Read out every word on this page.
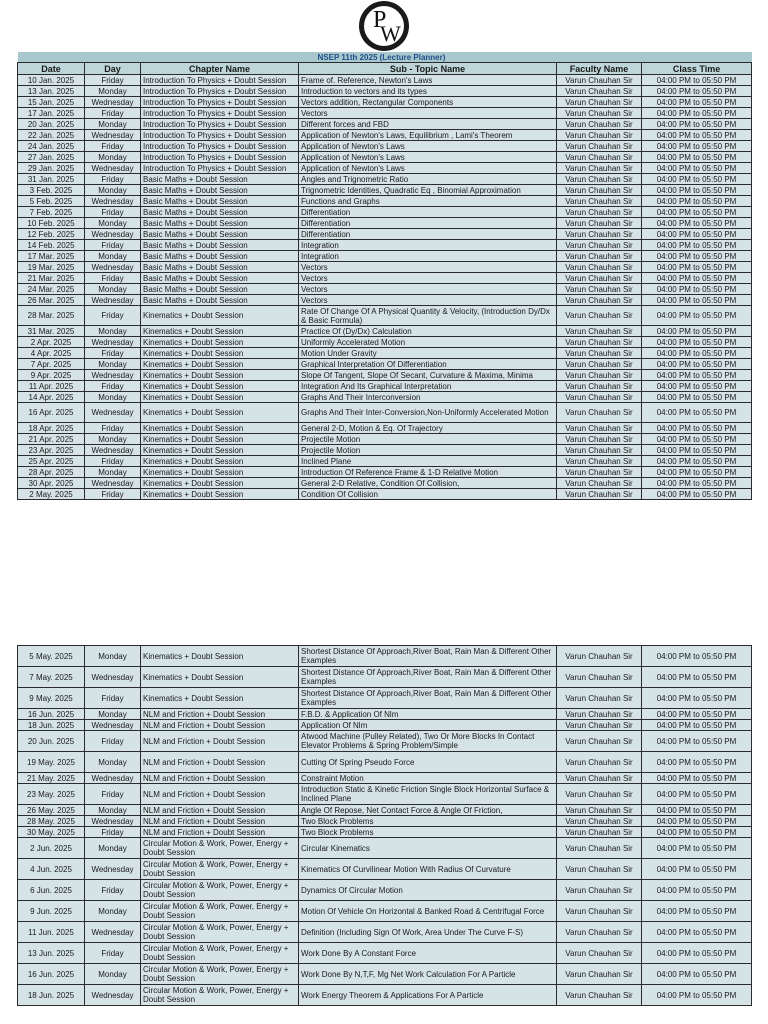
P
W
NSEP 11th 2025 (Lecture Planner)					
Date	Day	Chapter Name	Sub - Topic Name	Faculty Name	Class Time
10 Jan. 2025	Friday	Introduction To Physics + Doubt Session	Frame of. Reference, Newton's Laws	Varun Chauhan Sir	04:00 PM to 05:50 PM
13 Jan. 2025	Monday	Introduction To Physics + Doubt Session	Introduction to vectors and its types	Varun Chauhan Sir	04:00 PM to 05:50 PM
15 Jan. 2025	Wednesday	Introduction To Physics + Doubt Session	Vectors addition, Rectangular Components	Varun Chauhan Sir	04:00 PM to 05:50 PM
17 Jan. 2025	Friday	Introduction To Physics + Doubt Session	Vectors	Varun Chauhan Sir	04:00 PM to 05:50 PM
20 Jan. 2025	Monday	Introduction To Physics + Doubt Session	Different forces and FBD	Varun Chauhan Sir	04:00 PM to 05:50 PM
22 Jan. 2025	Wednesday	Introduction To Physics + Doubt Session	Application of Newton's Laws, Equilibrium , Lami's Theorem	Varun Chauhan Sir	04:00 PM to 05:50 PM
24 Jan. 2025	Friday	Introduction To Physics + Doubt Session	Application of Newton's Laws	Varun Chauhan Sir	04:00 PM to 05:50 PM
27 Jan. 2025	Monday	Introduction To Physics + Doubt Session	Application of Newton's Laws	Varun Chauhan Sir	04:00 PM to 05:50 PM
29 Jan. 2025	Wednesday	Introduction To Physics + Doubt Session	Application of Newton's Laws	Varun Chauhan Sir	04:00 PM to 05:50 PM
31 Jan. 2025	Friday	Basic Maths + Doubt Session	Angles and Trignometric Ratio	Varun Chauhan Sir	04:00 PM to 05:50 PM
3 Feb. 2025	Monday	Basic Maths + Doubt Session	Trignometric Identities, Quadratic Eq , Binomial Approximation	Varun Chauhan Sir	04:00 PM to 05:50 PM
5 Feb. 2025	Wednesday	Basic Maths + Doubt Session	Functions and Graphs	Varun Chauhan Sir	04:00 PM to 05:50 PM
7 Feb. 2025	Friday	Basic Maths + Doubt Session	Differentiation	Varun Chauhan Sir	04:00 PM to 05:50 PM
10 Feb. 2025	Monday	Basic Maths + Doubt Session	Differentiation	Varun Chauhan Sir	04:00 PM to 05:50 PM
12 Feb. 2025	Wednesday	Basic Maths + Doubt Session	Differentiation	Varun Chauhan Sir	04:00 PM to 05:50 PM
14 Feb. 2025	Friday	Basic Maths + Doubt Session	Integration	Varun Chauhan Sir	04:00 PM to 05:50 PM
17 Mar. 2025	Monday	Basic Maths + Doubt Session	Integration	Varun Chauhan Sir	04:00 PM to 05:50 PM
19 Mar. 2025	Wednesday	Basic Maths + Doubt Session	Vectors	Varun Chauhan Sir	04:00 PM to 05:50 PM
21 Mar. 2025	Friday	Basic Maths + Doubt Session	Vectors	Varun Chauhan Sir	04:00 PM to 05:50 PM
24 Mar. 2025	Monday	Basic Maths + Doubt Session	Vectors	Varun Chauhan Sir	04:00 PM to 05:50 PM
26 Mar. 2025	Wednesday	Basic Maths + Doubt Session	Vectors	Varun Chauhan Sir	04:00 PM to 05:50 PM
28 Mar. 2025	Friday	Kinematics + Doubt Session	Rate Of Change Of A Physical Quantity & Velocity, (Introduction Dy/Dx & Basic Formula)	Varun Chauhan Sir	04:00 PM to 05:50 PM
31 Mar. 2025	Monday	Kinematics + Doubt Session	Practice Of (Dy/Dx) Calculation	Varun Chauhan Sir	04:00 PM to 05:50 PM
2 Apr. 2025	Wednesday	Kinematics + Doubt Session	Uniformly Accelerated Motion	Varun Chauhan Sir	04:00 PM to 05:50 PM
4 Apr. 2025	Friday	Kinematics + Doubt Session	Motion Under Gravity	Varun Chauhan Sir	04:00 PM to 05:50 PM
7 Apr. 2025	Monday	Kinematics + Doubt Session	Graphical Interpretation Of Differentiation	Varun Chauhan Sir	04:00 PM to 05:50 PM
9 Apr. 2025	Wednesday	Kinematics + Doubt Session	Slope Of Tangent, Slope Of Secant, Curvature & Maxima, Minima	Varun Chauhan Sir	04:00 PM to 05:50 PM
11 Apr. 2025	Friday	Kinematics + Doubt Session	Integration And Its Graphical Interpretation	Varun Chauhan Sir	04:00 PM to 05:50 PM
14 Apr. 2025	Monday	Kinematics + Doubt Session	Graphs And Their Interconversion	Varun Chauhan Sir	04:00 PM to 05:50 PM
16 Apr. 2025	Wednesday	Kinematics + Doubt Session	Graphs And Their Inter-Conversion,Non-Uniformly Accelerated Motion	Varun Chauhan Sir	04:00 PM to 05:50 PM
18 Apr. 2025	Friday	Kinematics + Doubt Session	General 2-D, Motion & Eq. Of Trajectory	Varun Chauhan Sir	04:00 PM to 05:50 PM
21 Apr. 2025	Monday	Kinematics + Doubt Session	Projectile Motion	Varun Chauhan Sir	04:00 PM to 05:50 PM
23 Apr. 2025	Wednesday	Kinematics + Doubt Session	Projectile Motion	Varun Chauhan Sir	04:00 PM to 05:50 PM
25 Apr. 2025	Friday	Kinematics + Doubt Session	Inclined Plane	Varun Chauhan Sir	04:00 PM to 05:50 PM
28 Apr. 2025	Monday	Kinematics + Doubt Session	Introduction Of Reference Frame & 1-D Relative Motion	Varun Chauhan Sir	04:00 PM to 05:50 PM
30 Apr. 2025	Wednesday	Kinematics + Doubt Session	General 2-D Relative, Condition Of Collision,	Varun Chauhan Sir	04:00 PM to 05:50 PM
2 May. 2025	Friday	Kinematics + Doubt Session	Condition Of Collision	Varun Chauhan Sir	04:00 PM to 05:50 PM
5 May. 2025	Monday	Kinematics + Doubt Session	Shortest Distance Of Approach,River Boat, Rain Man & Different Other Examples	Varun Chauhan Sir	04:00 PM to 05:50 PM
7 May. 2025	Wednesday	Kinematics + Doubt Session	Shortest Distance Of Approach,River Boat, Rain Man & Different Other Examples	Varun Chauhan Sir	04:00 PM to 05:50 PM
9 May. 2025	Friday	Kinematics + Doubt Session	Shortest Distance Of Approach,River Boat, Rain Man & Different Other Examples	Varun Chauhan Sir	04:00 PM to 05:50 PM
16 Jun. 2025	Monday	NLM and Friction + Doubt Session	F.B.D. & Application Of Nlm	Varun Chauhan Sir	04:00 PM to 05:50 PM
18 Jun. 2025	Wednesday	NLM and Friction + Doubt Session	Application Of Nlm	Varun Chauhan Sir	04:00 PM to 05:50 PM
20 Jun. 2025	Friday	NLM and Friction + Doubt Session	Atwood Machine (Pulley Related), Two Or More Blocks In Contact Elevator Problems & Spring Problem/Simple	Varun Chauhan Sir	04:00 PM to 05:50 PM
19 May. 2025	Monday	NLM and Friction + Doubt Session	Cutting Of Spring Pseudo Force	Varun Chauhan Sir	04:00 PM to 05:50 PM
21 May. 2025	Wednesday	NLM and Friction + Doubt Session	Constraint Motion	Varun Chauhan Sir	04:00 PM to 05:50 PM
23 May. 2025	Friday	NLM and Friction + Doubt Session	Introduction Static & Kinetic Friction Single Block Horizontal Surface & Inclined Plane	Varun Chauhan Sir	04:00 PM to 05:50 PM
26 May. 2025	Monday	NLM and Friction + Doubt Session	Angle Of Repose, Net Contact Force & Angle Of Friction,	Varun Chauhan Sir	04:00 PM to 05:50 PM
28 May. 2025	Wednesday	NLM and Friction + Doubt Session	Two Block Problems	Varun Chauhan Sir	04:00 PM to 05:50 PM
30 May. 2025	Friday	NLM and Friction + Doubt Session	Two Block Problems	Varun Chauhan Sir	04:00 PM to 05:50 PM
2 Jun. 2025	Monday	Circular Motion & Work, Power, Energy + Doubt Session	Circular Kinematics	Varun Chauhan Sir	04:00 PM to 05:50 PM
4 Jun. 2025	Wednesday	Circular Motion & Work, Power, Energy + Doubt Session	Kinematics Of Curvilinear Motion With Radius Of Curvature	Varun Chauhan Sir	04:00 PM to 05:50 PM
6 Jun. 2025	Friday	Circular Motion & Work, Power, Energy + Doubt Session	Dynamics Of Circular Motion	Varun Chauhan Sir	04:00 PM to 05:50 PM
9 Jun. 2025	Monday	Circular Motion & Work, Power, Energy + Doubt Session	Motion Of Vehicle On Horizontal & Banked Road & Centrifugal Force	Varun Chauhan Sir	04:00 PM to 05:50 PM
11 Jun. 2025	Wednesday	Circular Motion & Work, Power, Energy + Doubt Session	Definition (Including Sign Of Work, Area Under The Curve F-S)	Varun Chauhan Sir	04:00 PM to 05:50 PM
13 Jun. 2025	Friday	Circular Motion & Work, Power, Energy + Doubt Session	Work Done By A Constant Force	Varun Chauhan Sir	04:00 PM to 05:50 PM
16 Jun. 2025	Monday	Circular Motion & Work, Power, Energy + Doubt Session	Work Done By N,T,F, Mg Net Work Calculation For A Particle	Varun Chauhan Sir	04:00 PM to 05:50 PM
18 Jun. 2025	Wednesday	Circular Motion & Work, Power, Energy + Doubt Session	Work Energy Theorem & Applications For A Particle	Varun Chauhan Sir	04:00 PM to 05:50 PM
